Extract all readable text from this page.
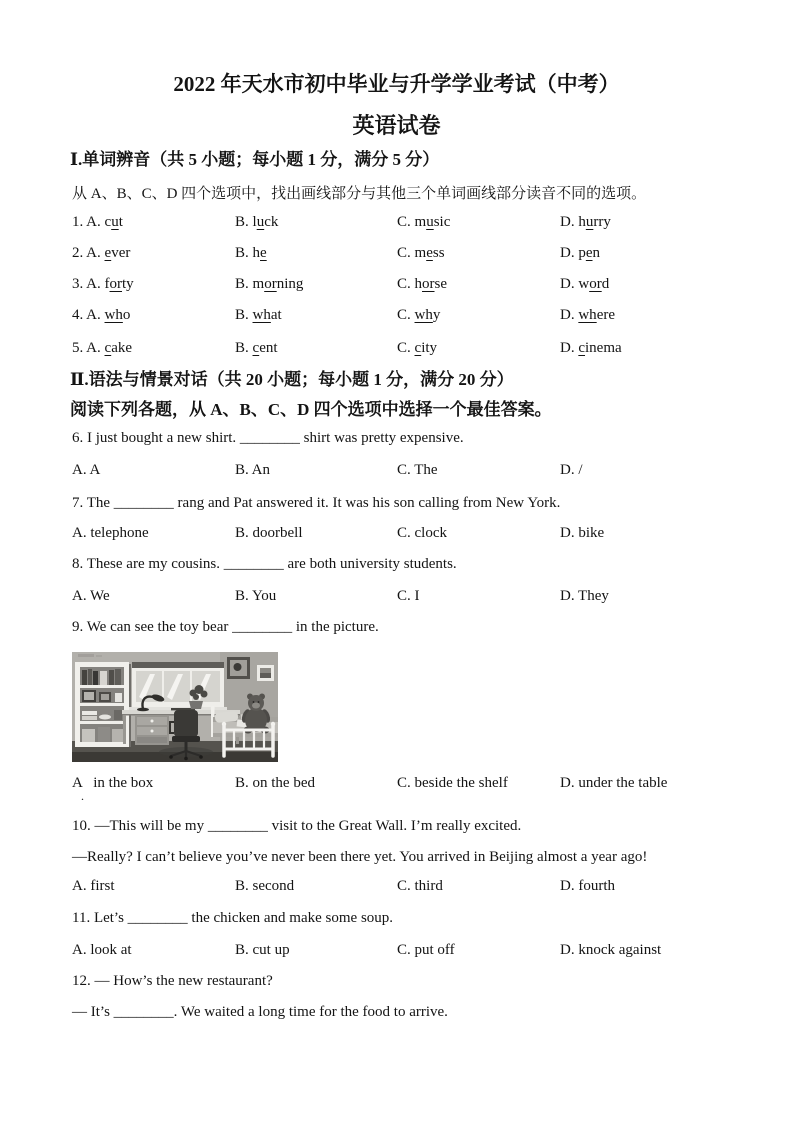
2022 年天水市初中毕业与升学学业考试（中考）
英语试卷
Ⅰ.单词辨音（共 5 小题；每小题 1 分，满分 5 分）
从 A、B、C、D 四个选项中，找出画线部分与其他三个单词画线部分读音不同的选项。

1. A. cut

	B. luck

	C. music

	D. hurry

2. A. ever

	B. he

	C. mess

	D. pen

3. A. forty

	B. morning

	C. horse

	D. word

4. A. who

	B. what

	C. why

	D. where

5. A. cake

	B. cent

	C. city

	D. cinema

Ⅱ.语法与情景对话（共 20 小题；每小题 1 分，满分 20 分）
阅读下列各题，从 A、B、C、D 四个选项中选择一个最佳答案。
6. I just bought a new shirt. ________ shirt was pretty expensive.

A. A

	B. An

	C. The

	D. /

7. The ________ rang and Pat answered it. It was his son calling from New York.

A. telephone

	B. doorbell

	C. clock

	D. bike

8. These are my cousins. ________ are both university students.

A. We

	B. You

	C. I

	D. They

9. We can see the toy bear ________ in the picture.

A   in the box

	B. on the bed

	C. beside the shelf

	D. under the table

.
10. —This will be my ________ visit to the Great Wall. I’m really excited.
—Really? I can’t believe you’ve never been there yet. You arrived in Beijing almost a year ago!

A. first

	B. second

	C. third

	D. fourth

11. Let’s ________ the chicken and make some soup.

A. look at

	B. cut up

	C. put off

	D. knock against

12. — How’s the new restaurant?
— It’s ________. We waited a long time for the food to arrive.
